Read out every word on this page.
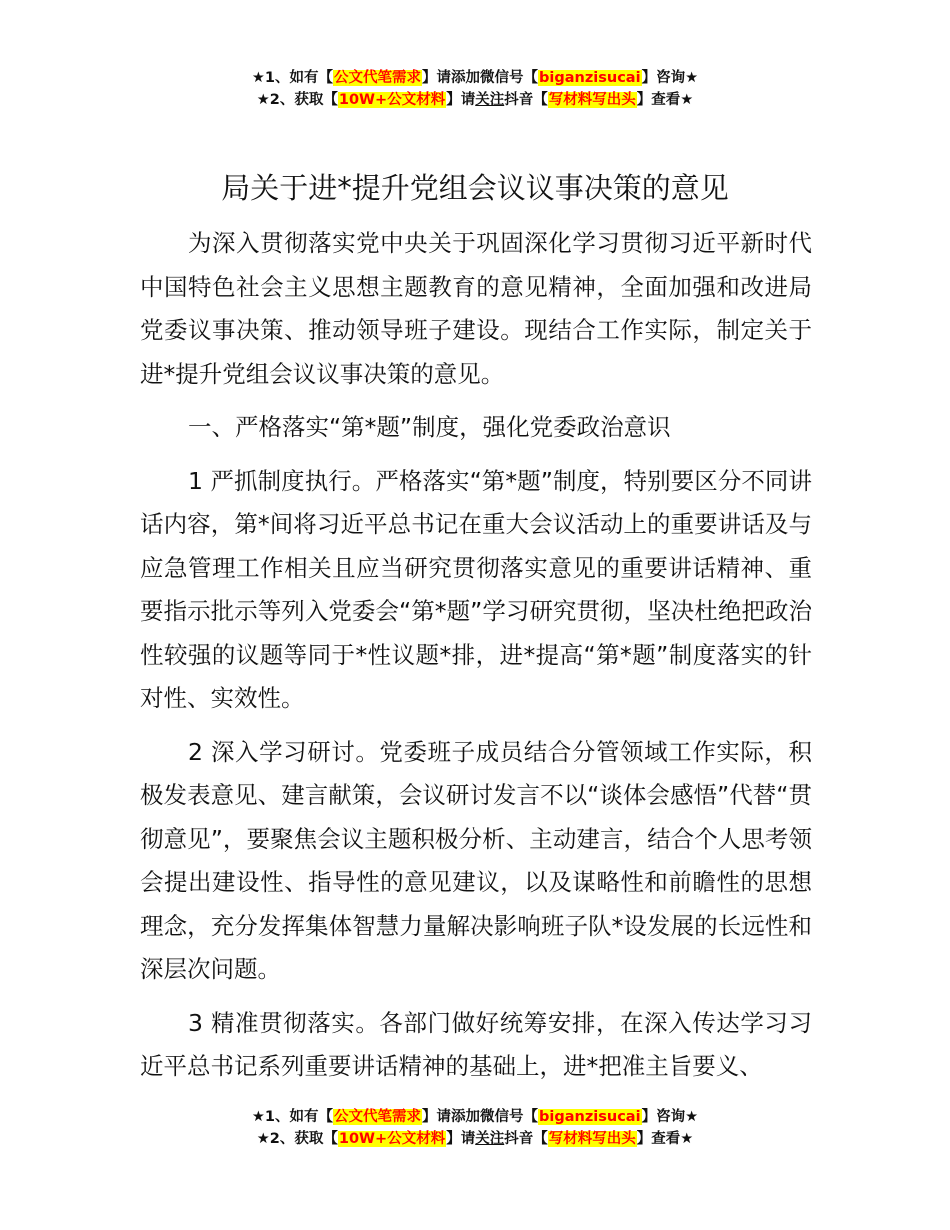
★1、如有【公文代笔需求】请添加微信号【biganzisucai】咨询★
★2、获取【10W+公文材料】请关注抖音【写材料写出头】查看★
局关于进*提升党组会议议事决策的意见

为深入贯彻落实党中央关于巩固深化学习贯彻习近平新时代中国特色社会主义思想主题教育的意见精神，全面加强和改进局党委议事决策、推动领导班子建设。现结合工作实际，制定关于进*提升党组会议议事决策的意见。

一、严格落实“第*题”制度，强化党委政治意识

1 严抓制度执行。严格落实“第*题”制度，特别要区分不同讲话内容，第*间将习近平总书记在重大会议活动上的重要讲话及与应急管理工作相关且应当研究贯彻落实意见的重要讲话精神、重要指示批示等列入党委会“第*题”学习研究贯彻，坚决杜绝把政治性较强的议题等同于*性议题*排，进*提高“第*题”制度落实的针对性、实效性。

2 深入学习研讨。党委班子成员结合分管领域工作实际，积极发表意见、建言献策，会议研讨发言不以“谈体会感悟”代替“贯彻意见”，要聚焦会议主题积极分析、主动建言，结合个人思考领会提出建设性、指导性的意见建议，以及谋略性和前瞻性的思想理念，充分发挥集体智慧力量解决影响班子队*设发展的长远性和深层次问题。

3 精准贯彻落实。各部门做好统筹安排，在深入传达学习习近平总书记系列重要讲话精神的基础上，进*把准主旨要义、

★1、如有【公文代笔需求】请添加微信号【biganzisucai】咨询★
★2、获取【10W+公文材料】请关注抖音【写材料写出头】查看★
